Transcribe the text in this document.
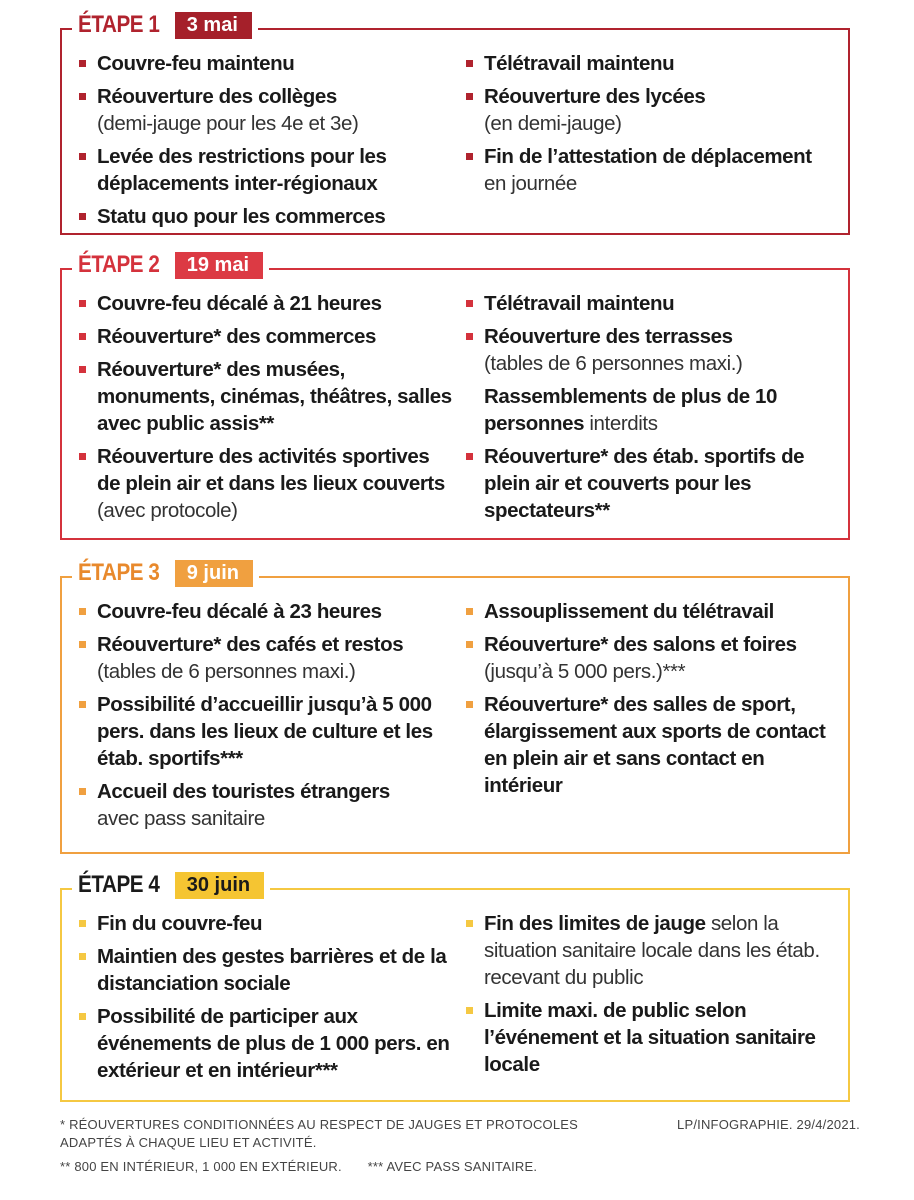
ÉTAPE 1	3 mai
Couvre-feu maintenu
Réouverture des collèges
(demi-jauge pour les 4e et 3e)
Levée des restrictions pour les déplacements inter-régionaux
Statu quo pour les commerces
Télétravail maintenu
Réouverture des lycées
(en demi-jauge)
Fin de l’attestation de déplacement
en journée
ÉTAPE 2	19 mai
Couvre-feu décalé à 21 heures
Réouverture* des commerces
Réouverture* des musées, monuments, cinémas, théâtres, salles avec public assis**
Réouverture des activités sportives de plein air et dans les lieux couverts (avec protocole)
Télétravail maintenu
Réouverture des terrasses
(tables de 6 personnes maxi.)
Rassemblements de plus de 10 personnes interdits
Réouverture* des étab. sportifs de plein air et couverts pour les spectateurs**
ÉTAPE 3	9 juin
Couvre-feu décalé à 23 heures
Réouverture* des cafés et restos
(tables de 6 personnes maxi.)
Possibilité d’accueillir jusqu’à 5 000 pers. dans les lieux de culture et les étab. sportifs***
Accueil des touristes étrangers
avec pass sanitaire
Assouplissement du télétravail
Réouverture* des salons et foires
(jusqu’à 5 000 pers.)***
Réouverture* des salles de sport, élargissement aux sports de contact en plein air et sans contact en intérieur
ÉTAPE 4	30 juin
Fin du couvre-feu
Maintien des gestes barrières et de la distanciation sociale
Possibilité de participer aux événements de plus de 1 000 pers. en extérieur et en intérieur***
Fin des limites de jauge selon la situation sanitaire locale dans les étab. recevant du public
Limite maxi. de public selon l’événement et la situation sanitaire locale
* RÉOUVERTURES CONDITIONNÉES AU RESPECT DE JAUGES ET PROTOCOLES ADAPTÉS À CHAQUE LIEU ET ACTIVITÉ.
LP/INFOGRAPHIE. 29/4/2021.
** 800 EN INTÉRIEUR, 1 000 EN EXTÉRIEUR. *** AVEC PASS SANITAIRE.
